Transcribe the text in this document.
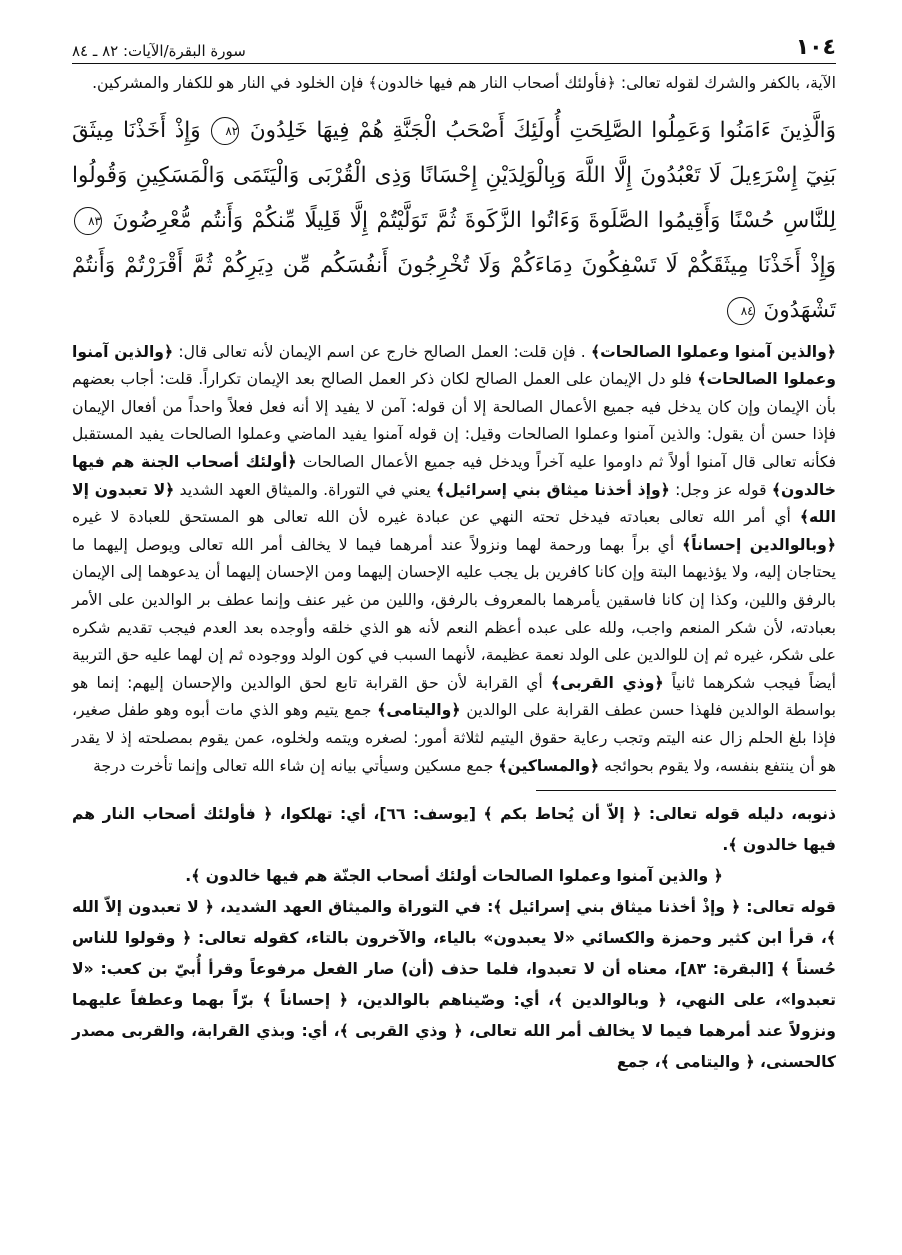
١٠٤
سورة البقرة/الآيات: ٨٢ ـ ٨٤

الآية، بالكفر والشرك لقوله تعالى: ﴿فأولئك أصحاب النار هم فيها خالدون﴾ فإن الخلود في النار هو للكفار والمشركين.

وَالَّذِينَ ءَامَنُوا وَعَمِلُوا الصَّلِحَتِ أُولَئِكَ أَصْحَبُ الْجَنَّةِ هُمْ فِيهَا خَلِدُونَ ٨٢ وَإِذْ أَخَذْنَا مِيثَقَ بَنِيٓ إِسْرَءِيلَ لَا تَعْبُدُونَ إِلَّا اللَّهَ وَبِالْوَلِدَيْنِ إِحْسَانًا وَذِى الْقُرْبَى وَالْيَتَمَى وَالْمَسَكِينِ وَقُولُوا لِلنَّاسِ حُسْنًا وَأَقِيمُوا الصَّلَوةَ وَءَاتُوا الزَّكَوةَ ثُمَّ تَوَلَّيْتُمْ إِلَّا قَلِيلًا مِّنكُمْ وَأَنتُم مُّعْرِضُونَ ٨٣ وَإِذْ أَخَذْنَا مِيثَقَكُمْ لَا تَسْفِكُونَ دِمَاءَكُمْ وَلَا تُخْرِجُونَ أَنفُسَكُم مِّن دِيَرِكُمْ ثُمَّ أَقْرَرْتُمْ وَأَنتُمْ تَشْهَدُونَ ٨٤

﴿والذين آمنوا وعملوا الصالحات﴾ . فإن قلت: العمل الصالح خارج عن اسم الإيمان لأنه تعالى قال: ﴿والذين آمنوا وعملوا الصالحات﴾ فلو دل الإيمان على العمل الصالح لكان ذكر العمل الصالح بعد الإيمان تكراراً. قلت: أجاب بعضهم بأن الإيمان وإن كان يدخل فيه جميع الأعمال الصالحة إلا أن قوله: آمن لا يفيد إلا أنه فعل فعلاً واحداً من أفعال الإيمان فإذا حسن أن يقول: والذين آمنوا وعملوا الصالحات وقيل: إن قوله آمنوا يفيد الماضي وعملوا الصالحات يفيد المستقبل فكأنه تعالى قال آمنوا أولاً ثم داوموا عليه آخراً ويدخل فيه جميع الأعمال الصالحات ﴿أولئك أصحاب الجنة هم فيها خالدون﴾ قوله عز وجل: ﴿وإذ أخذنا ميثاق بني إسرائيل﴾ يعني في التوراة. والميثاق العهد الشديد ﴿لا تعبدون إلا الله﴾ أي أمر الله تعالى بعبادته فيدخل تحته النهي عن عبادة غيره لأن الله تعالى هو المستحق للعبادة لا غيره ﴿وبالوالدين إحساناً﴾ أي براً بهما ورحمة لهما ونزولاً عند أمرهما فيما لا يخالف أمر الله تعالى ويوصل إليهما ما يحتاجان إليه، ولا يؤذيهما البتة وإن كانا كافرين بل يجب عليه الإحسان إليهما ومن الإحسان إليهما أن يدعوهما إلى الإيمان بالرفق واللين، وكذا إن كانا فاسقين يأمرهما بالمعروف بالرفق، واللين من غير عنف وإنما عطف بر الوالدين على الأمر بعبادته، لأن شكر المنعم واجب، ولله على عبده أعظم النعم لأنه هو الذي خلقه وأوجده بعد العدم فيجب تقديم شكره على شكر، غيره ثم إن للوالدين على الولد نعمة عظيمة، لأنهما السبب في كون الولد ووجوده ثم إن لهما عليه حق التربية أيضاً فيجب شكرهما ثانياً ﴿وذي القربى﴾ أي القرابة لأن حق القرابة تابع لحق الوالدين والإحسان إليهم: إنما هو بواسطة الوالدين فلهذا حسن عطف القرابة على الوالدين ﴿واليتامى﴾ جمع يتيم وهو الذي مات أبوه وهو طفل صغير، فإذا بلغ الحلم زال عنه اليتم وتجب رعاية حقوق اليتيم لثلاثة أمور: لصغره ويتمه ولخلوه، عمن يقوم بمصلحته إذ لا يقدر هو أن ينتفع بنفسه، ولا يقوم بحوائجه ﴿والمساكين﴾ جمع مسكين وسيأتي بيانه إن شاء الله تعالى وإنما تأخرت درجة

ذنوبه، دليله قوله تعالى: ﴿ إلاّ أن يُحاط بكم ﴾ [يوسف: ٦٦]، أي: تهلكوا، ﴿ فأولئك أصحاب النار هم فيها خالدون ﴾.

﴿ والذين آمنوا وعملوا الصالحات أولئك أصحاب الجنّة هم فيها خالدون ﴾.

قوله تعالى: ﴿ وإذْ أخذنا ميثاق بني إسرائيل ﴾: في التوراة والميثاق العهد الشديد، ﴿ لا تعبدون إلاّ الله ﴾، قرأ ابن كثير وحمزة والكسائي «لا يعبدون» بالياء، والآخرون بالتاء، كقوله تعالى: ﴿ وقولوا للناس حُسناً ﴾ [البقرة: ٨٣]، معناه أن لا تعبدوا، فلما حذف (أن) صار الفعل مرفوعاً وقرأ أُبيّ بن كعب: «لا تعبدوا»، على النهي، ﴿ وبالوالدين ﴾، أي: وصّيناهم بالوالدين، ﴿ إحساناً ﴾ برّاً بهما وعطفاً عليهما ونزولاً عند أمرهما فيما لا يخالف أمر الله تعالى، ﴿ وذي القربى ﴾، أي: وبذي القرابة، والقربى مصدر كالحسنى، ﴿ واليتامى ﴾، جمع
